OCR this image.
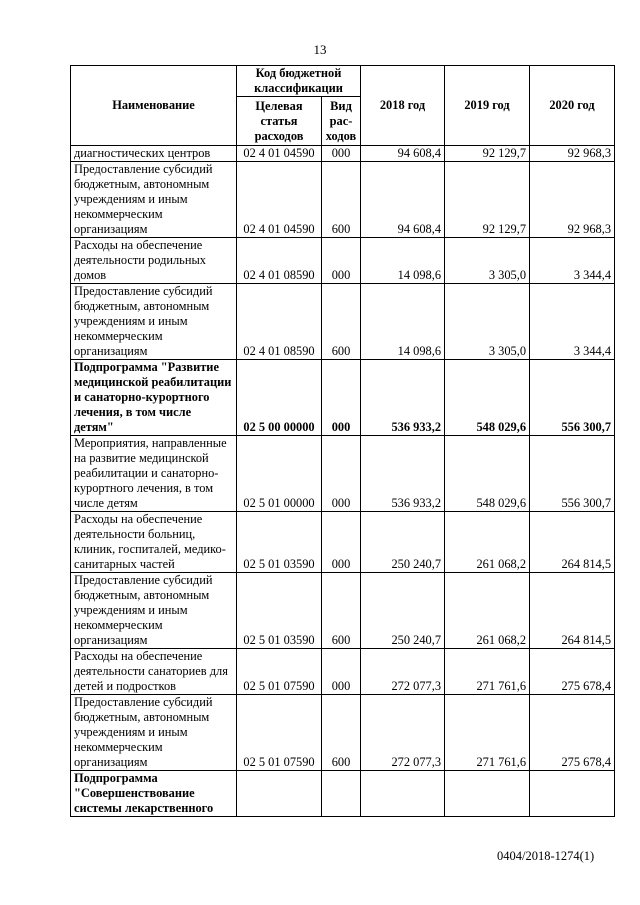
13
Наименование	Код бюджетной классификации		2018 год	2019 год	2020 год
	Целевая статья расходов	Вид рас-ходов			
диагностических центров	02 4 01 04590	000	94 608,4	92 129,7	92 968,3
Предоставление субсидий бюджетным, автономным учреждениям и иным некоммерческим организациям	02 4 01 04590	600	94 608,4	92 129,7	92 968,3
Расходы на обеспечение деятельности родильных домов	02 4 01 08590	000	14 098,6	3 305,0	3 344,4
Предоставление субсидий бюджетным, автономным учреждениям и иным некоммерческим организациям	02 4 01 08590	600	14 098,6	3 305,0	3 344,4
Подпрограмма "Развитие медицинской реабилитации и санаторно-курортного лечения, в том числе детям"	02 5 00 00000	000	536 933,2	548 029,6	556 300,7
Мероприятия, направленные на развитие медицинской реабилитации и санаторно-курортного лечения, в том числе детям	02 5 01 00000	000	536 933,2	548 029,6	556 300,7
Расходы на обеспечение деятельности больниц, клиник, госпиталей, медико-санитарных частей	02 5 01 03590	000	250 240,7	261 068,2	264 814,5
Предоставление субсидий бюджетным, автономным учреждениям и иным некоммерческим организациям	02 5 01 03590	600	250 240,7	261 068,2	264 814,5
Расходы на обеспечение деятельности санаториев для детей и подростков	02 5 01 07590	000	272 077,3	271 761,6	275 678,4
Предоставление субсидий бюджетным, автономным учреждениям и иным некоммерческим организациям	02 5 01 07590	600	272 077,3	271 761,6	275 678,4
Подпрограмма "Совершенствование системы лекарственного					
0404/2018-1274(1)
